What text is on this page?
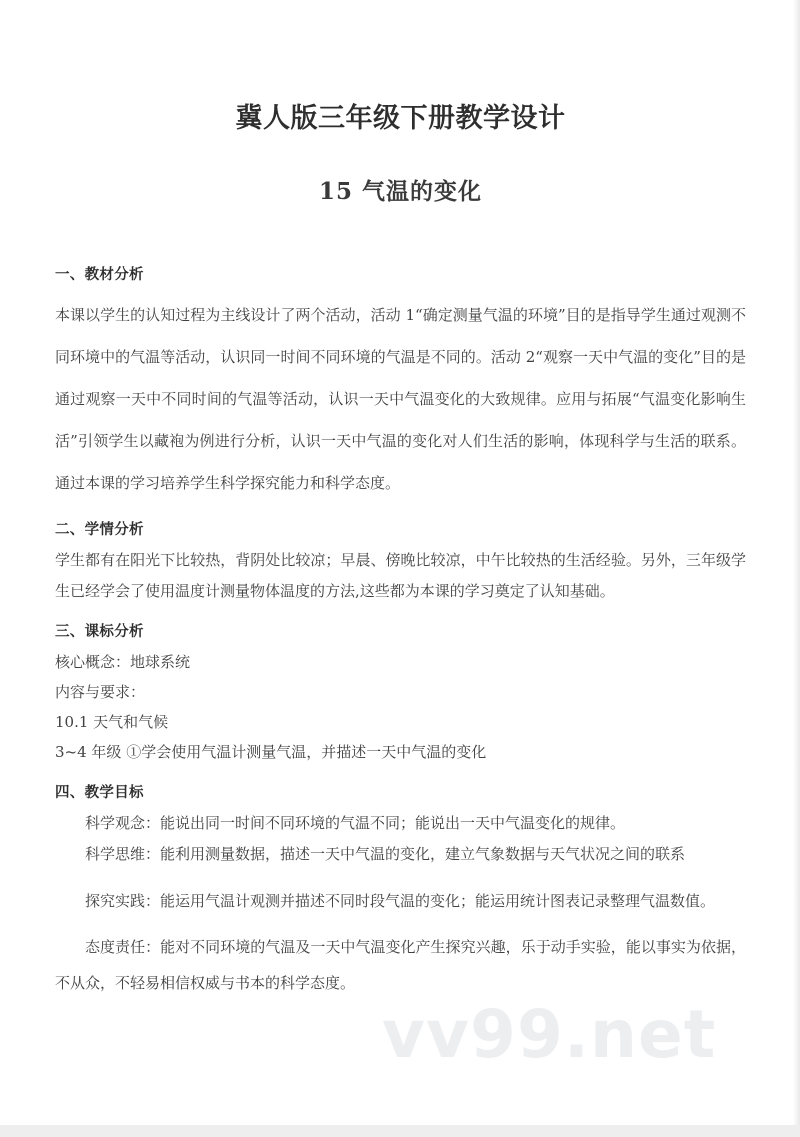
vv99.net
冀人版三年级下册教学设计
15 气温的变化
一、教材分析

本课以学生的认知过程为主线设计了两个活动，活动 1“确定测量气温的环境”目的是指导学生通过观测不同环境中的气温等活动，认识同一时间不同环境的气温是不同的。活动 2“观察一天中气温的变化”目的是通过观察一天中不同时间的气温等活动，认识一天中气温变化的大致规律。应用与拓展“气温变化影响生活”引领学生以藏袍为例进行分析，认识一天中气温的变化对人们生活的影响，体现科学与生活的联系。通过本课的学习培养学生科学探究能力和科学态度。

二、学情分析

学生都有在阳光下比较热，背阴处比较凉；早晨、傍晚比较凉，中午比较热的生活经验。另外，三年级学生已经学会了使用温度计测量物体温度的方法,这些都为本课的学习奠定了认知基础。

三、课标分析
核心概念：地球系统
内容与要求：
10.1 天气和气候
3~4 年级 ①学会使用气温计测量气温，并描述一天中气温的变化
四、教学目标

科学观念：能说出同一时间不同环境的气温不同；能说出一天中气温变化的规律。

科学思维：能利用测量数据，描述一天中气温的变化，建立气象数据与天气状况之间的联系

探究实践：能运用气温计观测并描述不同时段气温的变化；能运用统计图表记录整理气温数值。

态度责任：能对不同环境的气温及一天中气温变化产生探究兴趣，乐于动手实验，能以事实为依据，不从众，不轻易相信权威与书本的科学态度。
